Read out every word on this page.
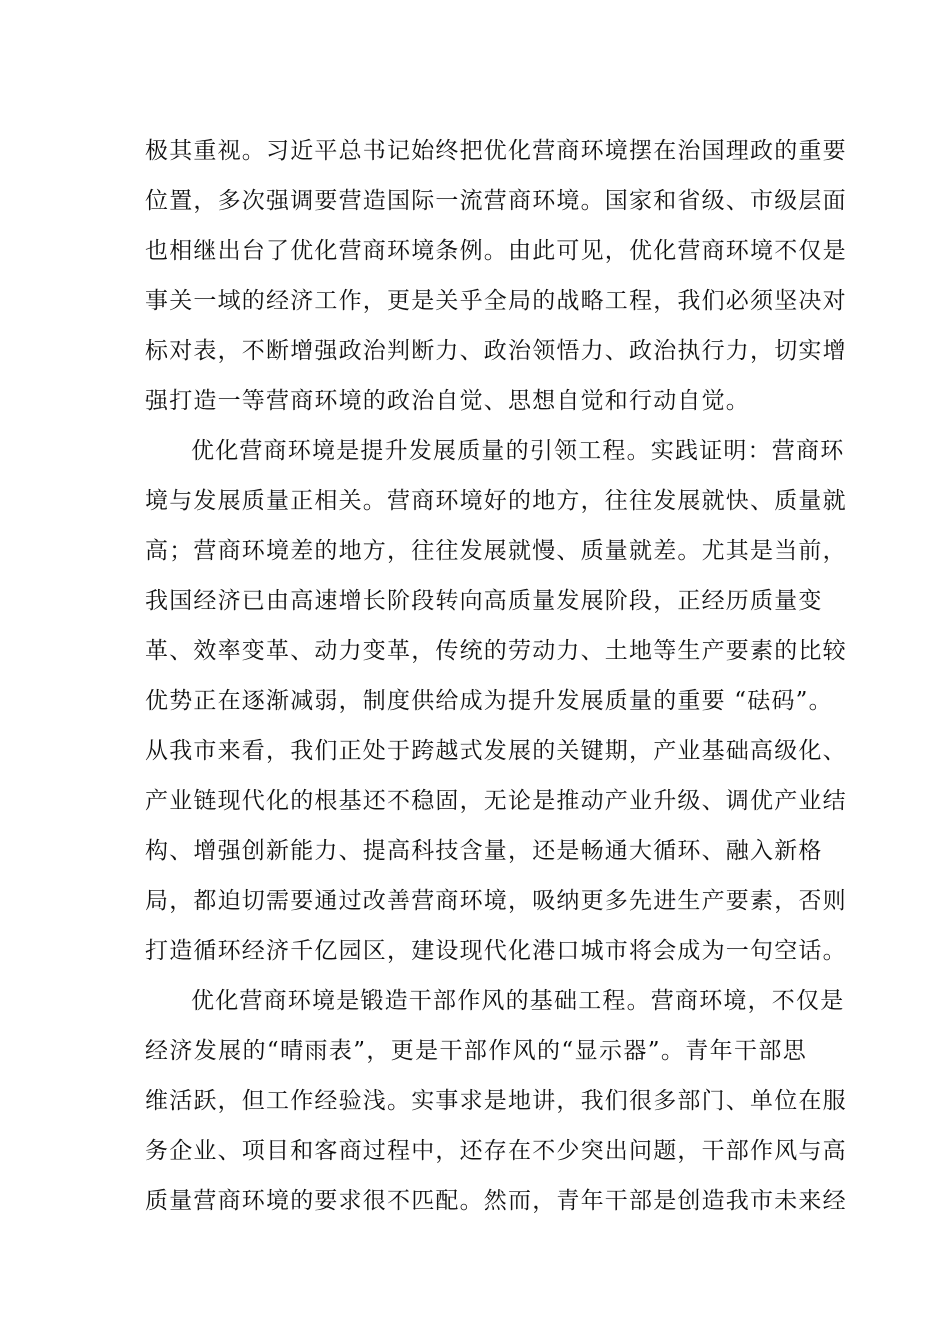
极其重视。习近平总书记始终把优化营商环境摆在治国理政的重要
位置，多次强调要营造国际一流营商环境。国家和省级、市级层面
也相继出台了优化营商环境条例。由此可见，优化营商环境不仅是
事关一域的经济工作，更是关乎全局的战略工程，我们必须坚决对
标对表，不断增强政治判断力、政治领悟力、政治执行力，切实增
强打造一等营商环境的政治自觉、思想自觉和行动自觉。
优化营商环境是提升发展质量的引领工程。实践证明：营商环
境与发展质量正相关。营商环境好的地方，往往发展就快、质量就
高；营商环境差的地方，往往发展就慢、质量就差。尤其是当前，
我国经济已由高速增长阶段转向高质量发展阶段，正经历质量变
革、效率变革、动力变革，传统的劳动力、土地等生产要素的比较
优势正在逐渐减弱，制度供给成为提升发展质量的重要 “砝码”。
从我市来看，我们正处于跨越式发展的关键期，产业基础高级化、
产业链现代化的根基还不稳固，无论是推动产业升级、调优产业结
构、增强创新能力、提高科技含量，还是畅通大循环、融入新格
局，都迫切需要通过改善营商环境，吸纳更多先进生产要素，否则
打造循环经济千亿园区，建设现代化港口城市将会成为一句空话。
优化营商环境是锻造干部作风的基础工程。营商环境，不仅是
经济发展的“晴雨表”，更是干部作风的“显示器”。青年干部思
维活跃，但工作经验浅。实事求是地讲，我们很多部门、单位在服
务企业、项目和客商过程中，还存在不少突出问题，干部作风与高
质量营商环境的要求很不匹配。然而，青年干部是创造我市未来经
